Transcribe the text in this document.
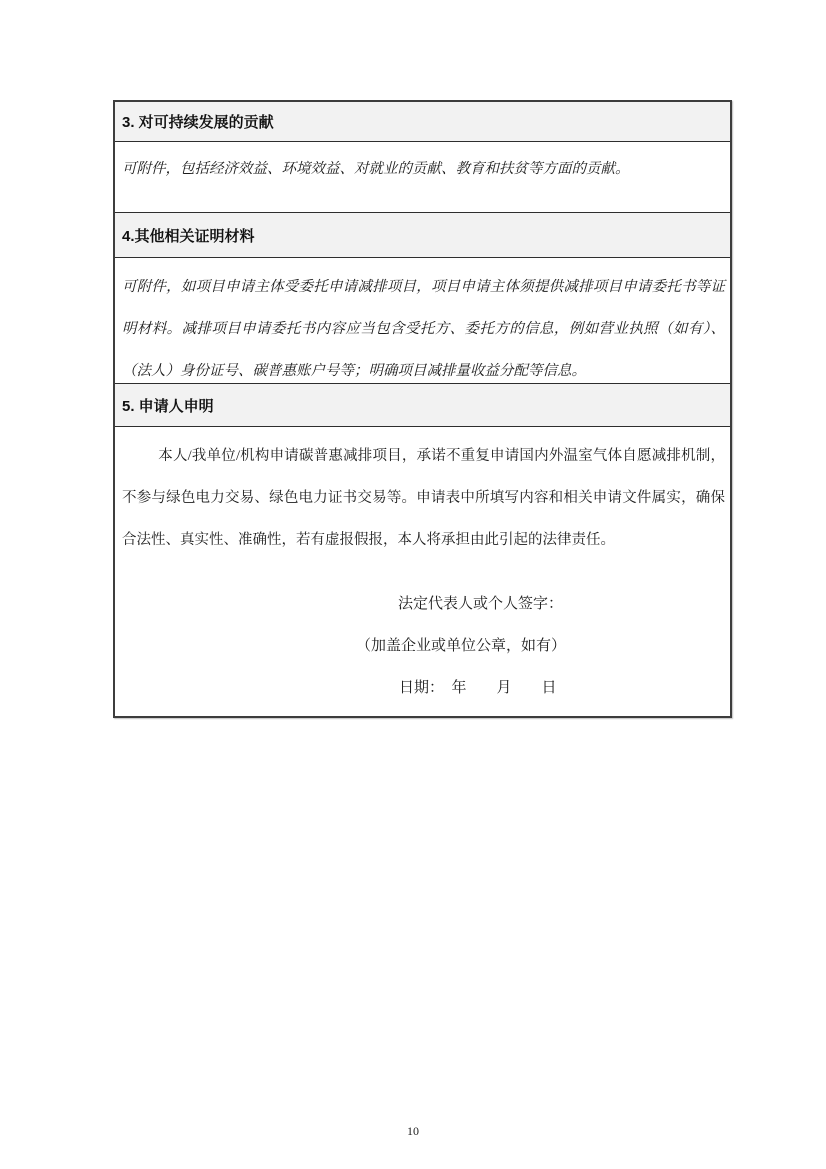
3. 对可持续发展的贡献
可附件，包括经济效益、环境效益、对就业的贡献、教育和扶贫等方面的贡献。
4.其他相关证明材料
可附件，如项目申请主体受委托申请减排项目，项目申请主体须提供减排项目申请委托书等证
明材料。减排项目申请委托书内容应当包含受托方、委托方的信息，例如营业执照（如有）、
（法人）身份证号、碳普惠账户号等；明确项目减排量收益分配等信息。
5. 申请人申明
本人/我单位/机构申请碳普惠减排项目，承诺不重复申请国内外温室气体自愿减排机制，
不参与绿色电力交易、绿色电力证书交易等。申请表中所填写内容和相关申请文件属实，确保
合法性、真实性、准确性，若有虚报假报，本人将承担由此引起的法律责任。
法定代表人或个人签字：
（加盖企业或单位公章，如有）
日期：　年　　月　　日
10
